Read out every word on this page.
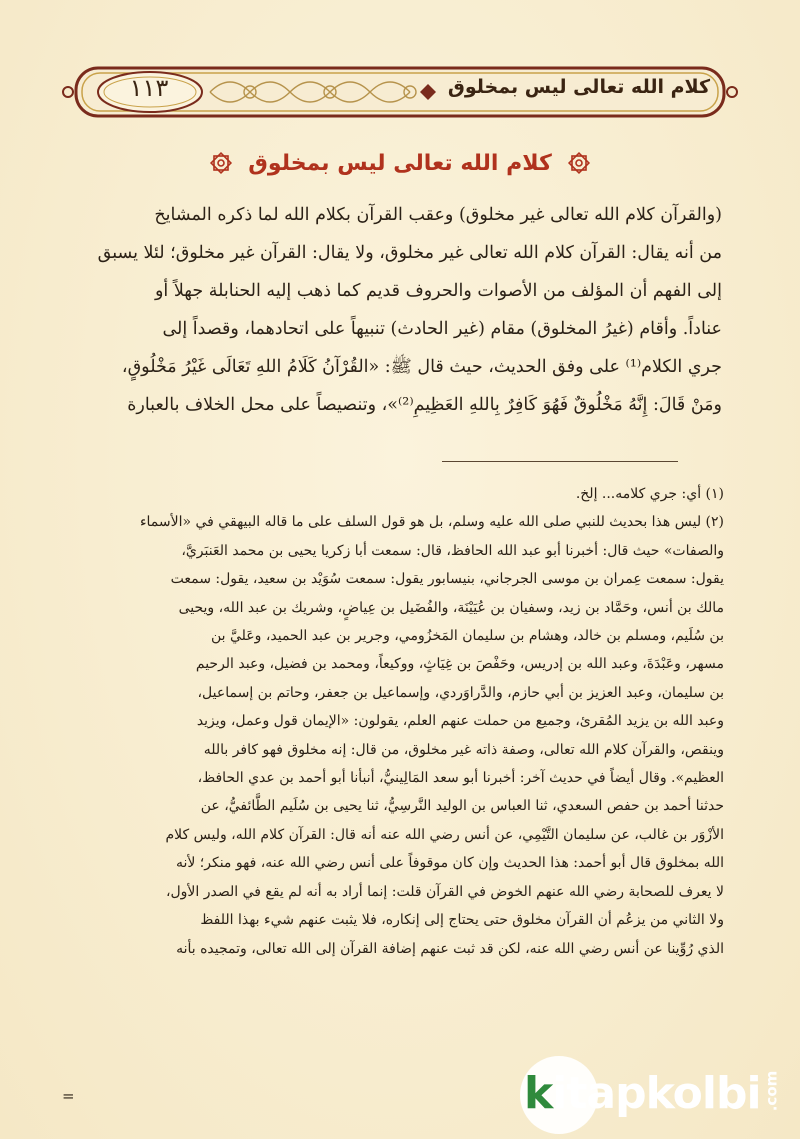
كلام الله تعالى ليس بمخلوق
١١٣
كلام الله تعالى ليس بمخلوق
(والقرآن كلام الله تعالى غير مخلوق) وعقب القرآن بكلام الله لما ذكره المشايخ
من أنه يقال: القرآن كلام الله تعالى غير مخلوق، ولا يقال: القرآن غير مخلوق؛ لئلا يسبق
إلى الفهم أن المؤلف من الأصوات والحروف قديم كما ذهب إليه الحنابلة جهلاً أو
عناداً. وأقام (غيرُ المخلوق) مقام (غير الحادث) تنبيهاً على اتحادهما، وقصداً إلى
جري الكلام⁽¹⁾ على وفق الحديث، حيث قال ﷺ: «القُرْآنُ كَلَامُ اللهِ تَعَالَى غَيْرُ مَخْلُوقٍ،
ومَنْ قَالَ: إِنَّهُ مَخْلُوقٌ فَهُوَ كَافِرٌ بِاللهِ العَظِيمِ⁽²⁾»، وتنصيصاً على محل الخلاف بالعبارة
(١) أي: جري كلامه... إلخ.
(٢) ليس هذا بحديث للنبي صلى الله عليه وسلم، بل هو قول السلف على ما قاله البيهقي في «الأسماء
والصفات» حيث قال: أخبرنا أبو عبد الله الحافظ، قال: سمعت أبا زكريا يحيى بن محمد العَنبَريَّ،
يقول: سمعت عِمران بن موسى الجرجاني، بنيسابور يقول: سمعت سُوَيْد بن سعيد، يقول: سمعت
مالك بن أنس، وحَمَّاد بن زيد، وسفيان بن عُيَيْنَة، والفُضَيل بن عِياضٍ، وشريك بن عبد الله، ويحيى
بن سُلَيم، ومسلم بن خالد، وهشام بن سليمان المَخزُومي، وجرير بن عبد الحميد، وعَليَّ بن
مسهر، وعَبْدَةَ، وعبد الله بن إدريس، وحَفْصَ بن غِيَاثٍ، ووكيعاً، ومحمد بن فضيل، وعبد الرحيم
بن سليمان، وعبد العزيز بن أبي حازم، والدَّراوَردي، وإسماعيل بن جعفر، وحاتم بن إسماعيل،
وعبد الله بن يزيد المُقرئ، وجميع من حملت عنهم العلم، يقولون: «الإيمان قول وعمل، ويزيد
وينقص، والقرآن كلام الله تعالى، وصفة ذاته غير مخلوق، من قال: إنه مخلوق فهو كافر بالله
العظيم». وقال أيضاً في حديث آخر: أخبرنا أبو سعد المَالِينيُّ، أنبأنا أبو أحمد بن عدي الحافظ،
حدثنا أحمد بن حفص السعدي، ثنا العباس بن الوليد النَّرسِيُّ، ثنا يحيى بن سُلَيم الطَّائفيُّ، عن
الأزْوَر بن غالب، عن سليمان التَّيْمِي، عن أنس رضي الله عنه أنه قال: القرآن كلام الله، وليس كلام
الله بمخلوق قال أبو أحمد: هذا الحديث وإن كان موقوفاً على أنس رضي الله عنه، فهو منكر؛ لأنه
لا يعرف للصحابة رضي الله عنهم الخوض في القرآن قلت: إنما أراد به أنه لم يقع في الصدر الأول،
ولا الثاني من يزعُم أن القرآن مخلوق حتى يحتاج إلى إنكاره، فلا يثبت عنهم شيء بهذا اللفظ
الذي رُوِّينا عن أنس رضي الله عنه، لكن قد ثبت عنهم إضافة القرآن إلى الله تعالى، وتمجيده بأنه
=	kitapkolbi .com
